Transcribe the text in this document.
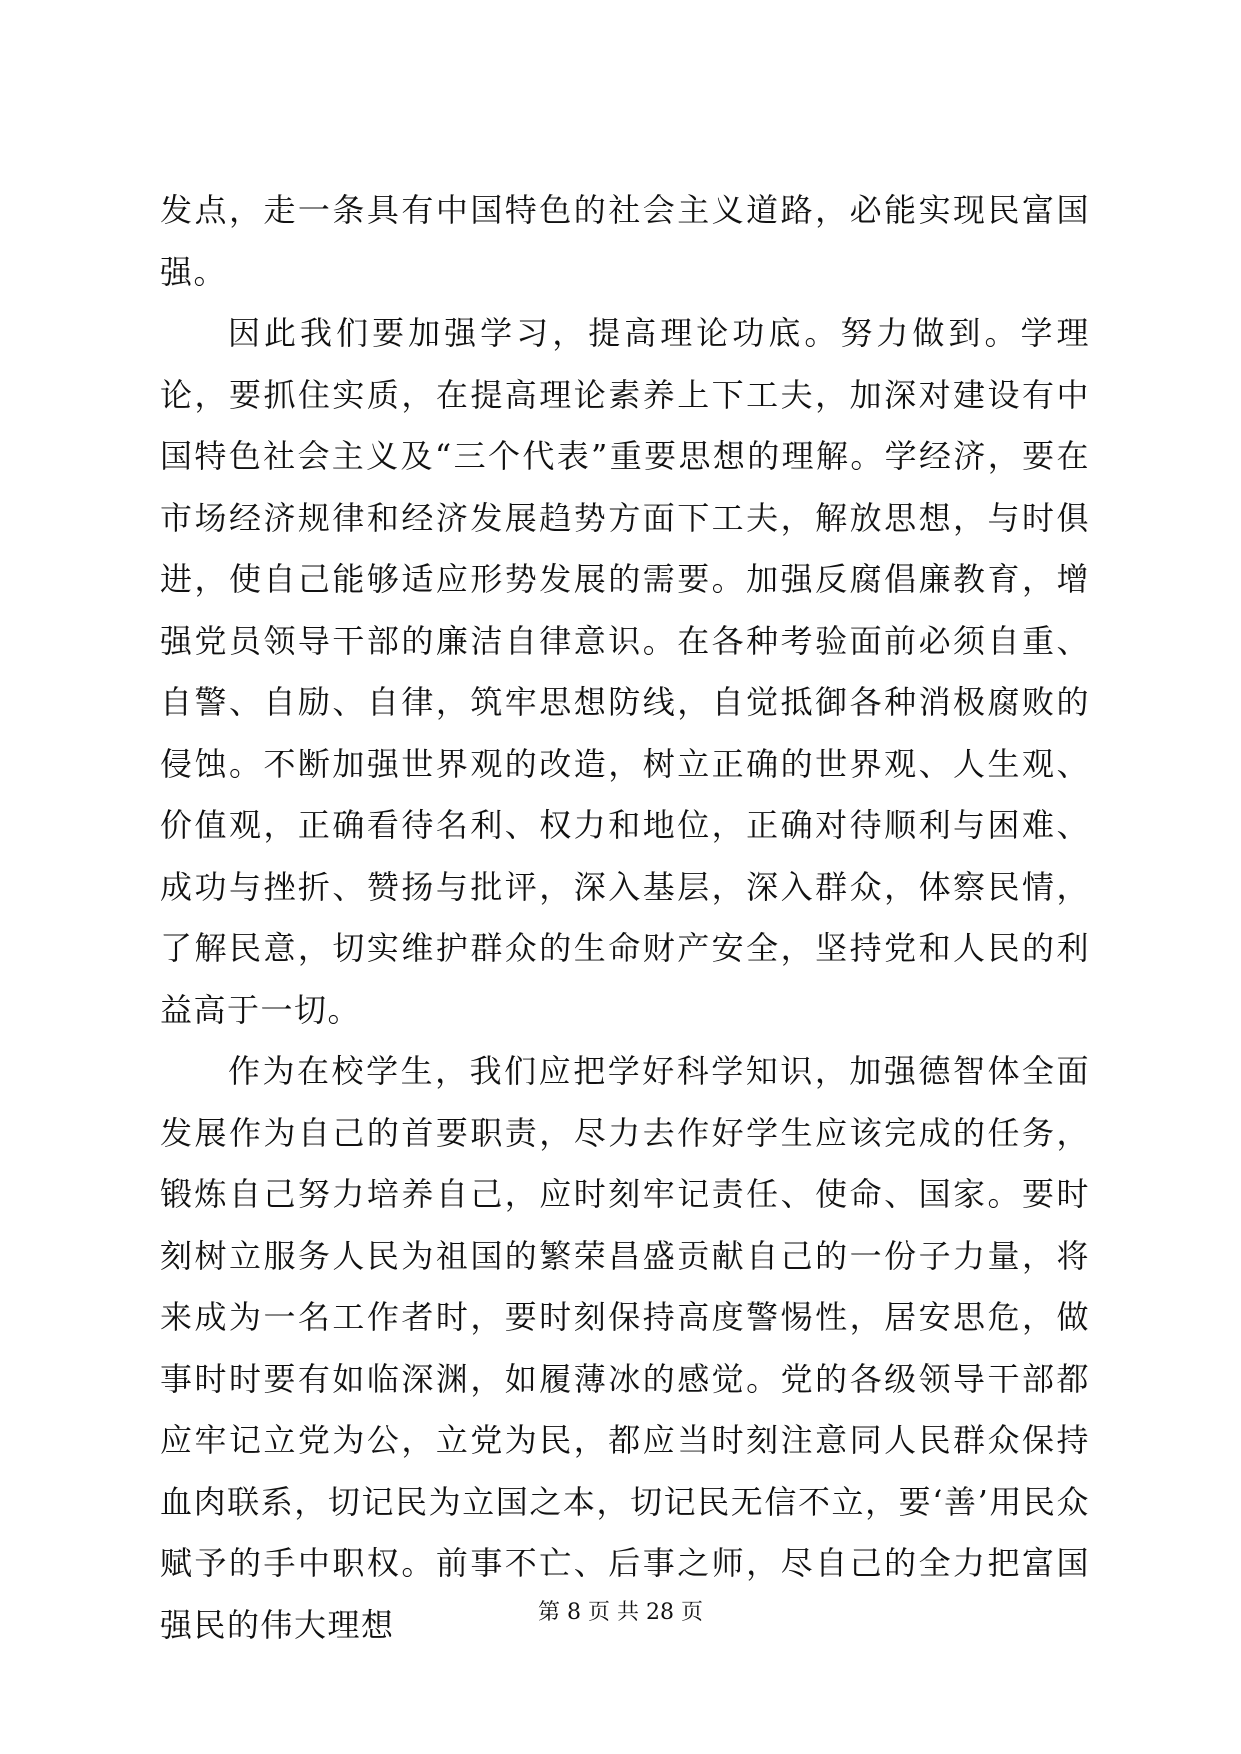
发点，走一条具有中国特色的社会主义道路，必能实现民富国强。

因此我们要加强学习，提高理论功底。努力做到。学理论，要抓住实质，在提高理论素养上下工夫，加深对建设有中国特色社会主义及“三个代表”重要思想的理解。学经济，要在市场经济规律和经济发展趋势方面下工夫，解放思想，与时俱进，使自己能够适应形势发展的需要。加强反腐倡廉教育，增强党员领导干部的廉洁自律意识。在各种考验面前必须自重、自警、自励、自律，筑牢思想防线，自觉抵御各种消极腐败的侵蚀。不断加强世界观的改造，树立正确的世界观、人生观、价值观，正确看待名利、权力和地位，正确对待顺利与困难、成功与挫折、赞扬与批评，深入基层，深入群众，体察民情，了解民意，切实维护群众的生命财产安全，坚持党和人民的利益高于一切。

作为在校学生，我们应把学好科学知识，加强德智体全面发展作为自己的首要职责，尽力去作好学生应该完成的任务，锻炼自己努力培养自己，应时刻牢记责任、使命、国家。要时刻树立服务人民为祖国的繁荣昌盛贡献自己的一份子力量，将来成为一名工作者时，要时刻保持高度警惕性，居安思危，做事时时要有如临深渊，如履薄冰的感觉。党的各级领导干部都应牢记立党为公，立党为民，都应当时刻注意同人民群众保持血肉联系，切记民为立国之本，切记民无信不立，要‘善’用民众赋予的手中职权。前事不亡、后事之师，尽自己的全力把富国强民的伟大理想	第 8 页 共 28 页
